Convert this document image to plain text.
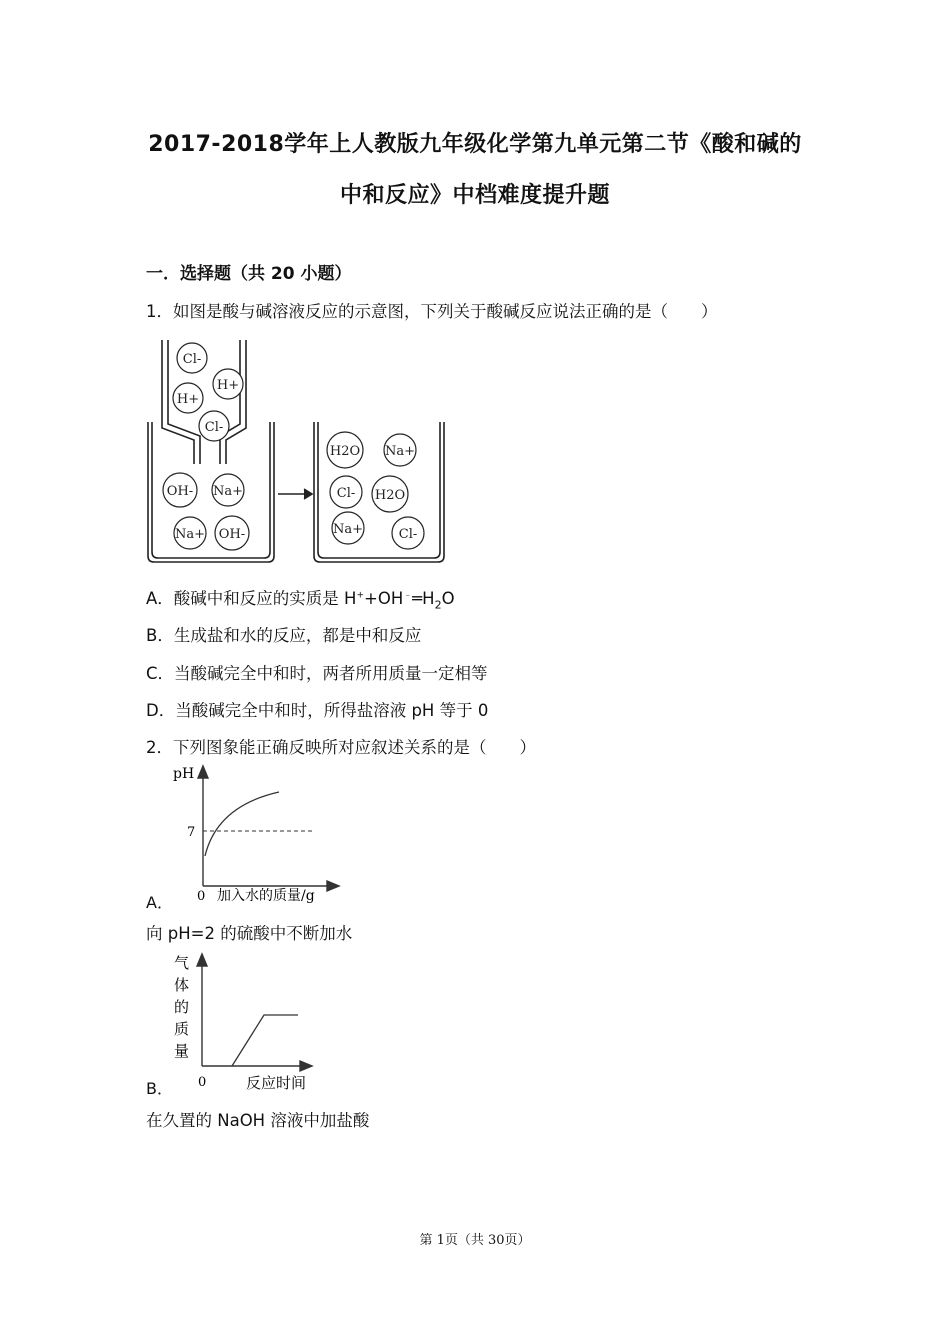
2017-2018学年上人教版九年级化学第九单元第二节《酸和碱的
中和反应》中档难度提升题
一．选择题（共 20 小题）
1．如图是酸与碱溶液反应的示意图，下列关于酸碱反应说法正确的是（　　）
Cl-
H+
H+
Cl-
OH- Na+
Na+ OH-
H2O Na+
Cl- H2O
Na+	Cl-
A．酸碱中和反应的实质是 $H^++OH^﹣═H_2O$
B．生成盐和水的反应，都是中和反应
C．当酸碱完全中和时，两者所用质量一定相等
D．当酸碱完全中和时，所得盐溶液 pH 等于 0
2．下列图象能正确反映所对应叙述关系的是（　　）
pH
7
0 加入水的质量/g
A．
向 pH=2 的硫酸中不断加水
气
体
的
质
量
0	反应时间
B．
在久置的 NaOH 溶液中加盐酸
第 1页（共 30页）
